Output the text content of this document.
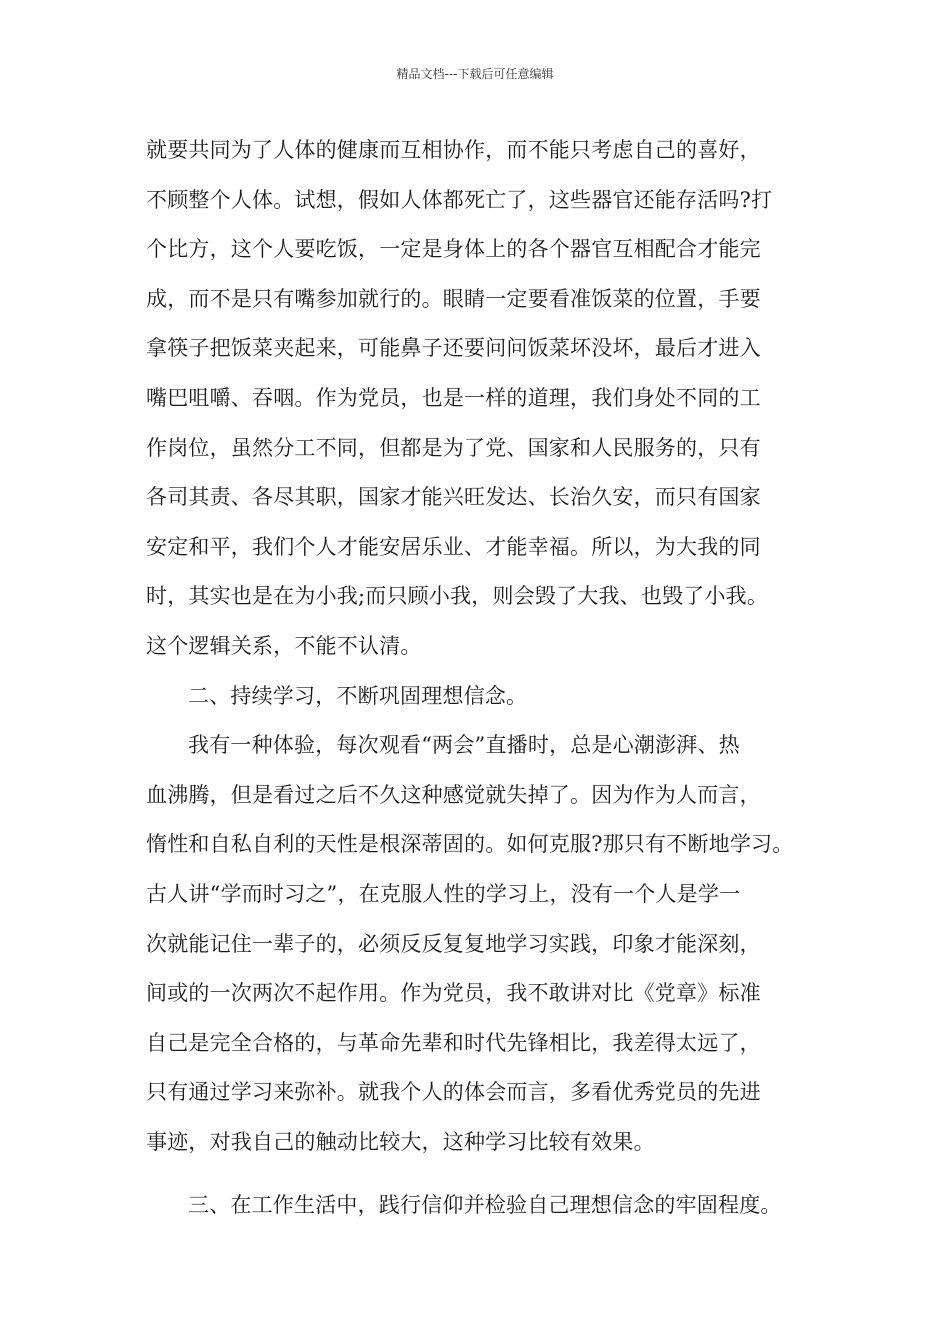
精品文档---下载后可任意编辑
就要共同为了人体的健康而互相协作，而不能只考虑自己的喜好，
不顾整个人体。试想，假如人体都死亡了，这些器官还能存活吗?打
个比方，这个人要吃饭，一定是身体上的各个器官互相配合才能完
成，而不是只有嘴参加就行的。眼睛一定要看准饭菜的位置，手要
拿筷子把饭菜夹起来，可能鼻子还要问问饭菜坏没坏，最后才进入
嘴巴咀嚼、吞咽。作为党员，也是一样的道理，我们身处不同的工
作岗位，虽然分工不同，但都是为了党、国家和人民服务的，只有
各司其责、各尽其职，国家才能兴旺发达、长治久安，而只有国家
安定和平，我们个人才能安居乐业、才能幸福。所以，为大我的同
时，其实也是在为小我;而只顾小我，则会毁了大我、也毁了小我。
这个逻辑关系，不能不认清。
二、持续学习，不断巩固理想信念。
我有一种体验，每次观看“两会”直播时，总是心潮澎湃、热
血沸腾，但是看过之后不久这种感觉就失掉了。因为作为人而言，
惰性和自私自利的天性是根深蒂固的。如何克服?那只有不断地学习。
古人讲“学而时习之”，在克服人性的学习上，没有一个人是学一
次就能记住一辈子的，必须反反复复地学习实践，印象才能深刻，
间或的一次两次不起作用。作为党员，我不敢讲对比《党章》标准
自己是完全合格的，与革命先辈和时代先锋相比，我差得太远了，
只有通过学习来弥补。就我个人的体会而言，多看优秀党员的先进
事迹，对我自己的触动比较大，这种学习比较有效果。
三、在工作生活中，践行信仰并检验自己理想信念的牢固程度。
